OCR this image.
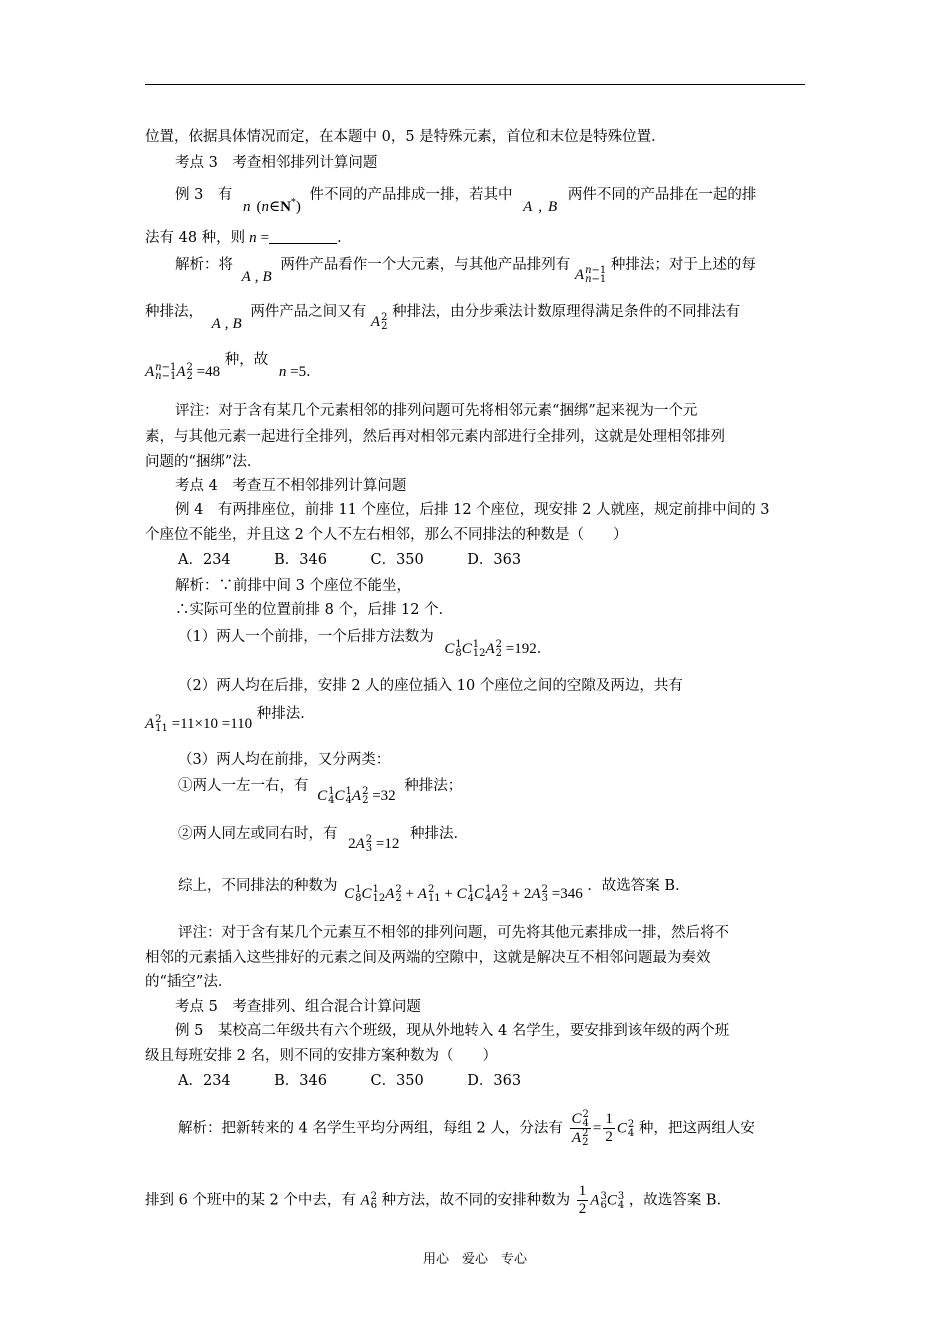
位置，依据具体情况而定，在本题中 0，5 是特殊元素，首位和末位是特殊位置．
考点 3　考查相邻排列计算问题
例 3　有 n (n∈N*) 件不同的产品排成一排，若其中 A , B 两件不同的产品排在一起的排
法有 48 种，则 n =	．
解析：将 A , B 两件产品看作一个大元素，与其他产品排列有 A n−1
n−1
种排法；对于上述的每
种排法， A , B 两件产品之间又有 A 2
2
种排法，由分步乘法计数原理得满足条件的不同排法有
A n−1
n−1 A 2
2 =48 种，故 n =5．
评注：对于含有某几个元素相邻的排列问题可先将相邻元素“捆绑”起来视为一个元
素，与其他元素一起进行全排列，然后再对相邻元素内部进行全排列，这就是处理相邻排列
问题的“捆绑”法．
考点 4　考查互不相邻排列计算问题
例 4　有两排座位，前排 11 个座位，后排 12 个座位，现安排 2 人就座，规定前排中间的 3
个座位不能坐，并且这 2 个人不左右相邻，那么不同排法的种数是（　　）
A．234　　　B．346　　　C．350　　　D．363
解析：∵前排中间 3 个座位不能坐，
∴实际可坐的位置前排 8 个，后排 12 个．
（1）两人一个前排，一个后排方法数为 C 1
8 C 1
12 A 2
2 =192．
（2）两人均在后排，安排 2 人的座位插入 10 个座位之间的空隙及两边，共有
A 2
11 =11×10 =110 种排法．
（3）两人均在前排，又分两类：
①两人一左一右，有 C 1
4 C 1
4 A 2
2 =32 种排法；
②两人同左或同右时，有 2A 2
3 =12 种排法．
综上，不同排法的种数为 C 1
8 C 1
12 A 2
2 + A 2
11 + C 1
4 C 1
4 A 2
2 + 2A 2
3 =346 ．故选答案 B．
评注：对于含有某几个元素互不相邻的排列问题，可先将其他元素排成一排，然后将不
相邻的元素插入这些排好的元素之间及两端的空隙中，这就是解决互不相邻问题最为奏效
的“插空”法．
考点 5　考查排列、组合混合计算问题
例 5　某校高二年级共有六个班级，现从外地转入 4 名学生，要安排到该年级的两个班
级且每班安排 2 名，则不同的安排方案种数为（　　）
A．234　　　B．346　　　C．350　　　D．363
解析：把新转来的 4 名学生平均分两组，每组 2 人，分法有 C 2
4
A 2
$2 = \frac{1}{2}$ C 2
4 种，把这两组人安
排到 6 个班中的某 2 个中去，有 A 2
6 种方法，故不同的安排种数为 $\frac{1}{2}$ A 3
6 C 3
4 ，故选答案 B．
用心　爱心　专心
